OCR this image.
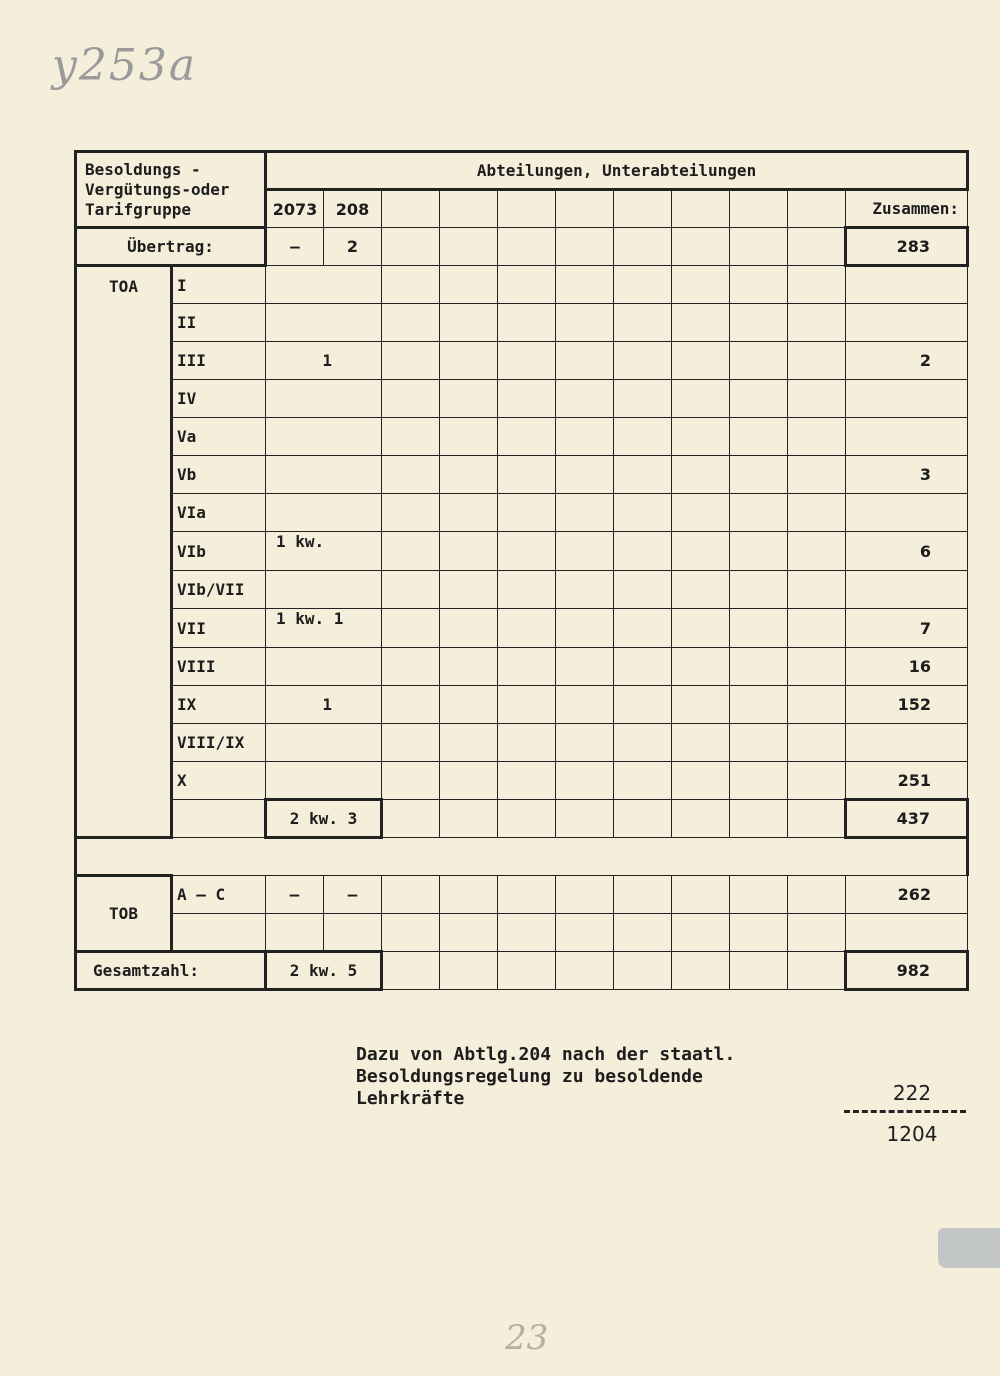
y253a
Besoldungs -Vergütungs-oder Tarifgruppe		Abteilungen, Unterabteilungen										
		2073	208									Zusammen:
Übertrag:		–	2									283
TOA	I											
	II											
	III	1										2
	IV											
	Va											
	Vb											3
	VIa											
	VIb	1 kw.										6
	VIb/VII											
	VII	1 kw. 1										7
	VIII											16
	IX	1										152
	VIII/IX											
	X											251
		2 kw. 3										437

TOB	A – C	–	–									262

Gesamtzahl:		2 kw. 5										982
Dazu von Abtlg.204 nach der staatl.
Besoldungsregelung zu besoldende
Lehrkräfte	222
1204
23
